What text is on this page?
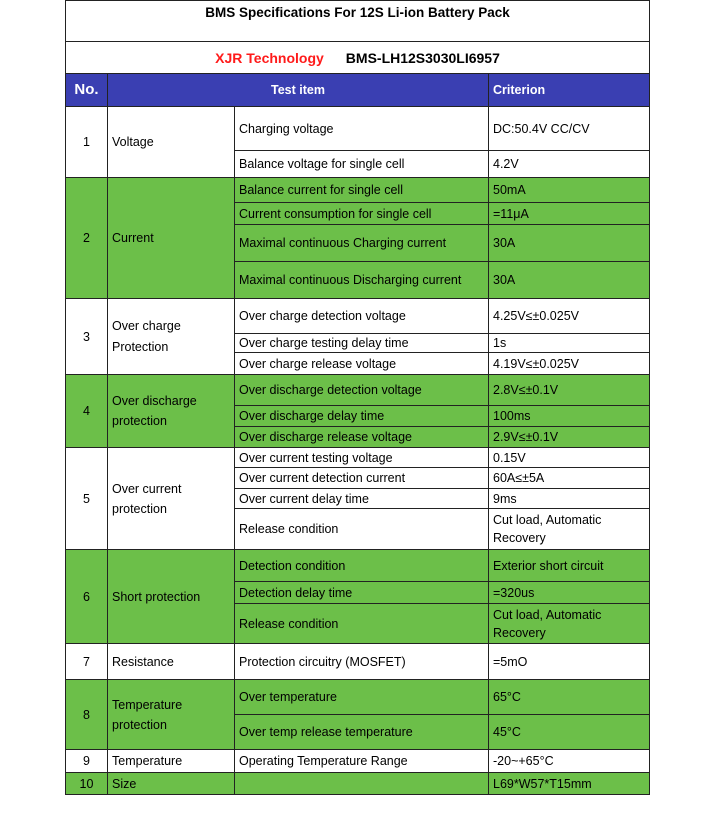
BMS Specifications For 12S Li-ion Battery Pack			
XJR Technology BMS-LH12S3030LI6957			
No.	Test item		Criterion
1	Voltage	Charging voltage	DC:50.4V CC/CV
		Balance voltage for single cell	4.2V
2	Current	Balance current for single cell	50mA
		Current consumption for single cell	=11μA
		Maximal continuous Charging current	30A
		Maximal continuous Discharging current	30A
3	Over charge Protection	Over charge detection voltage	4.25V≤±0.025V
		Over charge testing delay time	1s
		Over charge release voltage	4.19V≤±0.025V
4	Over discharge protection	Over discharge detection voltage	2.8V≤±0.1V
		Over discharge delay time	100ms
		Over discharge release voltage	2.9V≤±0.1V
5	Over current protection	Over current testing voltage	0.15V
		Over current detection current	60A≤±5A
		Over current delay time	9ms
		Release condition	Cut load, Automatic Recovery
6	Short protection	Detection condition	Exterior short circuit
		Detection delay time	=320us
		Release condition	Cut load, Automatic Recovery
7	Resistance	Protection circuitry (MOSFET)	=5mO
8	Temperature protection	Over temperature	65°C
		Over temp release temperature	45°C
9	Temperature	Operating Temperature Range	-20~+65°C
10	Size		L69*W57*T15mm
